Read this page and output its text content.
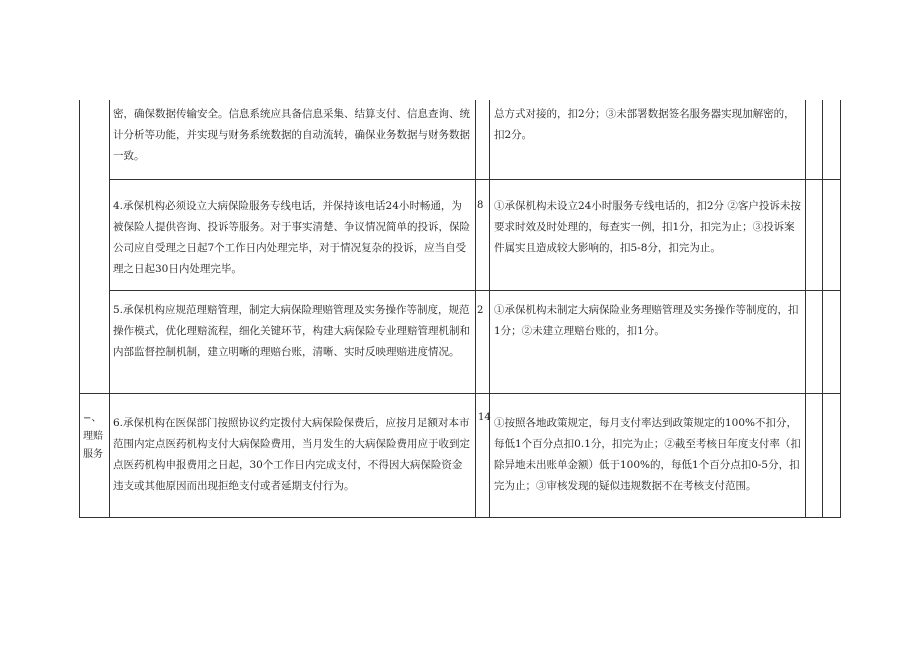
−、
理赔
服务
密，确保数据传输安全。信息系统应具备信息采集、结算支付、信息查询、统计分析等功能，并实现与财务系统数据的自动流转，确保业务数据与财务数据一致。
总方式对接的，扣2分；③未部署数据签名服务器实现加解密的，扣2分。
4.承保机构必须设立大病保险服务专线电话，并保持该电话24小时畅通，为被保险人提供咨询、投诉等服务。对于事实清楚、争议情况简单的投诉，保险公司应自受理之日起7个工作日内处理完毕，对于情况复杂的投诉，应当自受理之日起30日内处理完毕。
8 ①承保机构未设立24小时服务专线电话的，扣2分 ②客户投诉未按要求时效及时处理的，每查实一例，扣1分，扣完为止；③投诉案件属实且造成较大影响的，扣5-8分，扣完为止。
5.承保机构应规范理赔管理，制定大病保险理赔管理及实务操作等制度，规范操作模式，优化理赔流程，细化关键环节，构建大病保险专业理赔管理机制和内部监督控制机制，建立明晰的理赔台账，清晰、实时反映理赔进度情况。
2 ①承保机构未制定大病保险业务理赔管理及实务操作等制度的，扣1分；②未建立理赔台账的，扣1分。
6.承保机构在医保部门按照协议约定拨付大病保险保费后，应按月足额对本市范围内定点医药机构支付大病保险费用，当月发生的大病保险费用应于收到定点医药机构申报费用之日起，30个工作日内完成支付，不得因大病保险资金违支或其他原因而出现拒绝支付或者延期支付行为。
14 ①按照各地政策规定，每月支付率达到政策规定的100%不扣分，每低1个百分点扣0.1分，扣完为止；②截至考核日年度支付率（扣除异地未出账单金额）低于100%的，每低1个百分点扣0-5分，扣完为止；③审核发现的疑似违规数据不在考核支付范围。
